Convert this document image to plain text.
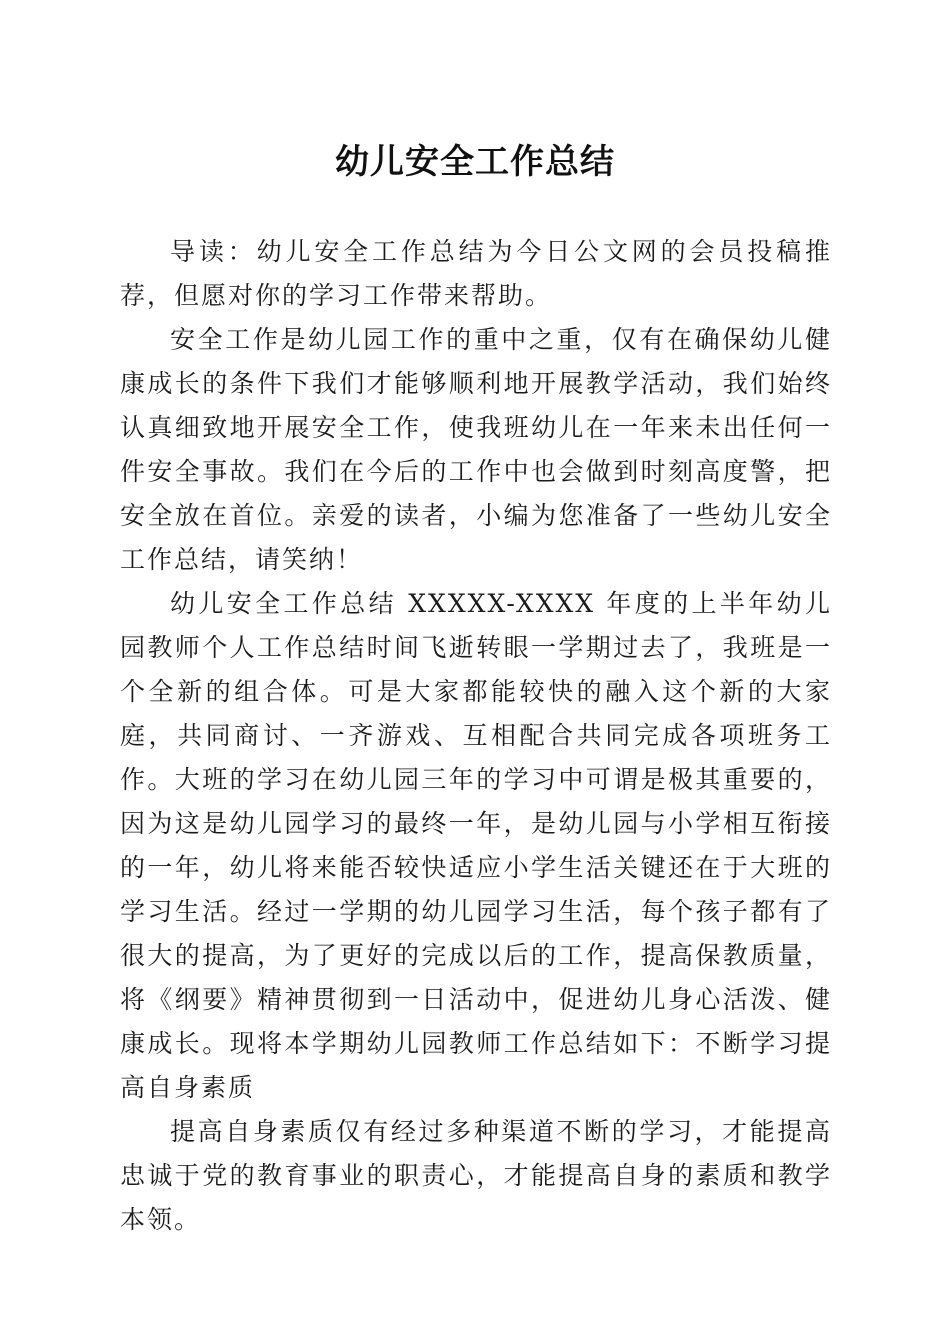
幼儿安全工作总结

导读：幼儿安全工作总结为今日公文网的会员投稿推荐，但愿对你的学习工作带来帮助。

安全工作是幼儿园工作的重中之重，仅有在确保幼儿健康成长的条件下我们才能够顺利地开展教学活动，我们始终认真细致地开展安全工作，使我班幼儿在一年来未出任何一件安全事故。我们在今后的工作中也会做到时刻高度警，把安全放在首位。亲爱的读者，小编为您准备了一些幼儿安全工作总结，请笑纳！

幼儿安全工作总结 XXXXX-XXXX 年度的上半年幼儿园教师个人工作总结时间飞逝转眼一学期过去了，我班是一个全新的组合体。可是大家都能较快的融入这个新的大家庭，共同商讨、一齐游戏、互相配合共同完成各项班务工作。大班的学习在幼儿园三年的学习中可谓是极其重要的，因为这是幼儿园学习的最终一年，是幼儿园与小学相互衔接的一年，幼儿将来能否较快适应小学生活关键还在于大班的学习生活。经过一学期的幼儿园学习生活，每个孩子都有了很大的提高，为了更好的完成以后的工作，提高保教质量，将《纲要》精神贯彻到一日活动中，促进幼儿身心活泼、健康成长。现将本学期幼儿园教师工作总结如下：不断学习提高自身素质

提高自身素质仅有经过多种渠道不断的学习，才能提高忠诚于党的教育事业的职责心，才能提高自身的素质和教学本领。
